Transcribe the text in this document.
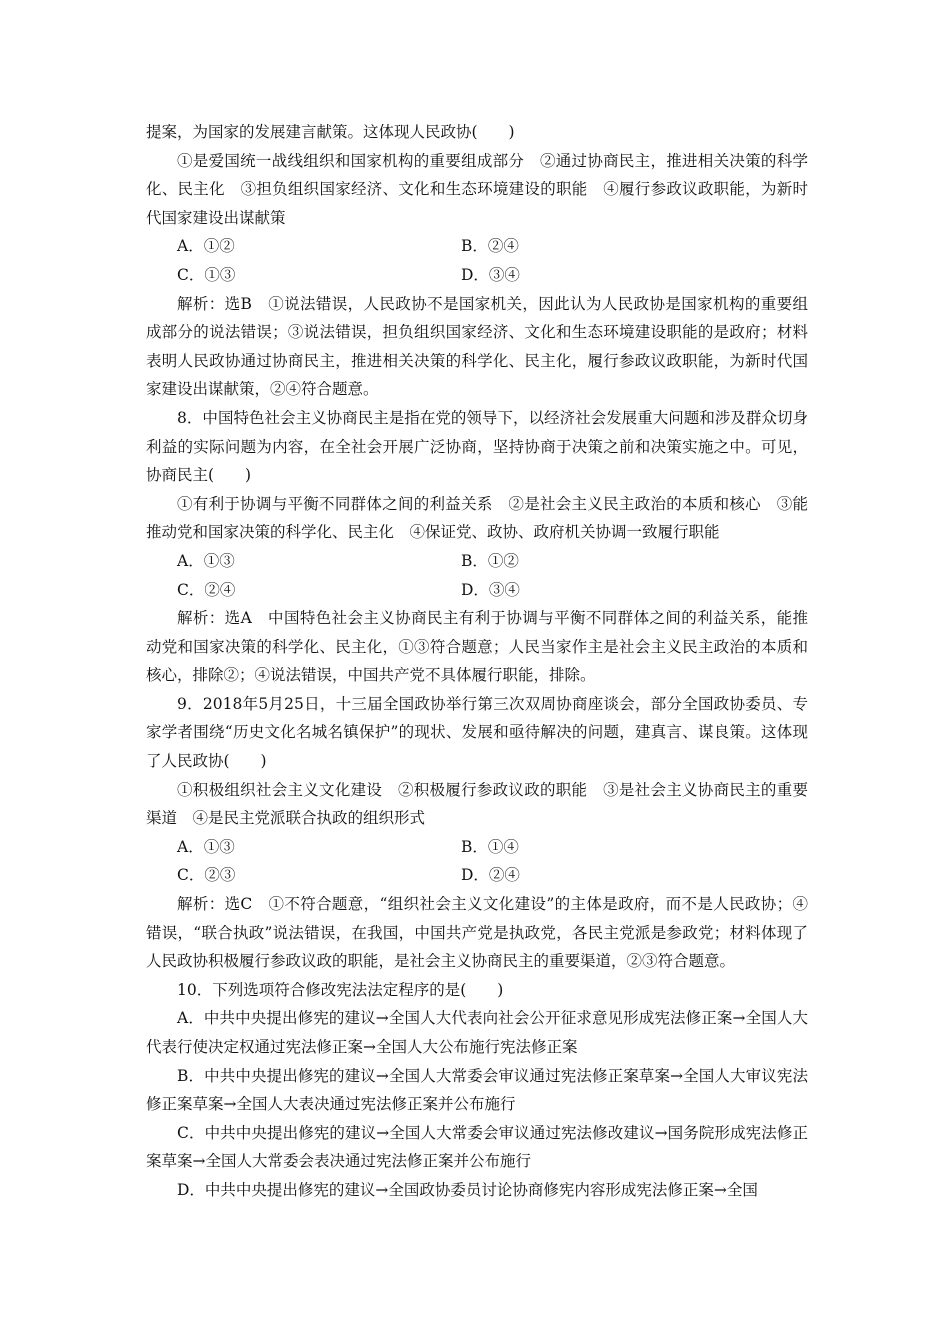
提案，为国家的发展建言献策。这体现人民政协(　　)

①是爱国统一战线组织和国家机构的重要组成部分　②通过协商民主，推进相关决策的科学化、民主化　③担负组织国家经济、文化和生态环境建设的职能　④履行参政议政职能，为新时代国家建设出谋献策

A．①②	B．②④
C．①③	D．③④

解析：选B　①说法错误，人民政协不是国家机关，因此认为人民政协是国家机构的重要组成部分的说法错误；③说法错误，担负组织国家经济、文化和生态环境建设职能的是政府；材料表明人民政协通过协商民主，推进相关决策的科学化、民主化，履行参政议政职能，为新时代国家建设出谋献策，②④符合题意。

8．中国特色社会主义协商民主是指在党的领导下，以经济社会发展重大问题和涉及群众切身利益的实际问题为内容，在全社会开展广泛协商，坚持协商于决策之前和决策实施之中。可见，协商民主(　　)

①有利于协调与平衡不同群体之间的利益关系　②是社会主义民主政治的本质和核心　③能推动党和国家决策的科学化、民主化　④保证党、政协、政府机关协调一致履行职能

A．①③	B．①②
C．②④	D．③④

解析：选A　中国特色社会主义协商民主有利于协调与平衡不同群体之间的利益关系，能推动党和国家决策的科学化、民主化，①③符合题意；人民当家作主是社会主义民主政治的本质和核心，排除②；④说法错误，中国共产党不具体履行职能，排除。

9．2018年5月25日，十三届全国政协举行第三次双周协商座谈会，部分全国政协委员、专家学者围绕“历史文化名城名镇保护”的现状、发展和亟待解决的问题，建真言、谋良策。这体现了人民政协(　　)

①积极组织社会主义文化建设　②积极履行参政议政的职能　③是社会主义协商民主的重要渠道　④是民主党派联合执政的组织形式

A．①③	B．①④
C．②③	D．②④

解析：选C　①不符合题意，“组织社会主义文化建设”的主体是政府，而不是人民政协；④错误，“联合执政”说法错误，在我国，中国共产党是执政党，各民主党派是参政党；材料体现了人民政协积极履行参政议政的职能，是社会主义协商民主的重要渠道，②③符合题意。

10．下列选项符合修改宪法法定程序的是(　　)

A．中共中央提出修宪的建议→全国人大代表向社会公开征求意见形成宪法修正案→全国人大代表行使决定权通过宪法修正案→全国人大公布施行宪法修正案

B．中共中央提出修宪的建议→全国人大常委会审议通过宪法修正案草案→全国人大审议宪法修正案草案→全国人大表决通过宪法修正案并公布施行

C．中共中央提出修宪的建议→全国人大常委会审议通过宪法修改建议→国务院形成宪法修正案草案→全国人大常委会表决通过宪法修正案并公布施行

D．中共中央提出修宪的建议→全国政协委员讨论协商修宪内容形成宪法修正案→全国
